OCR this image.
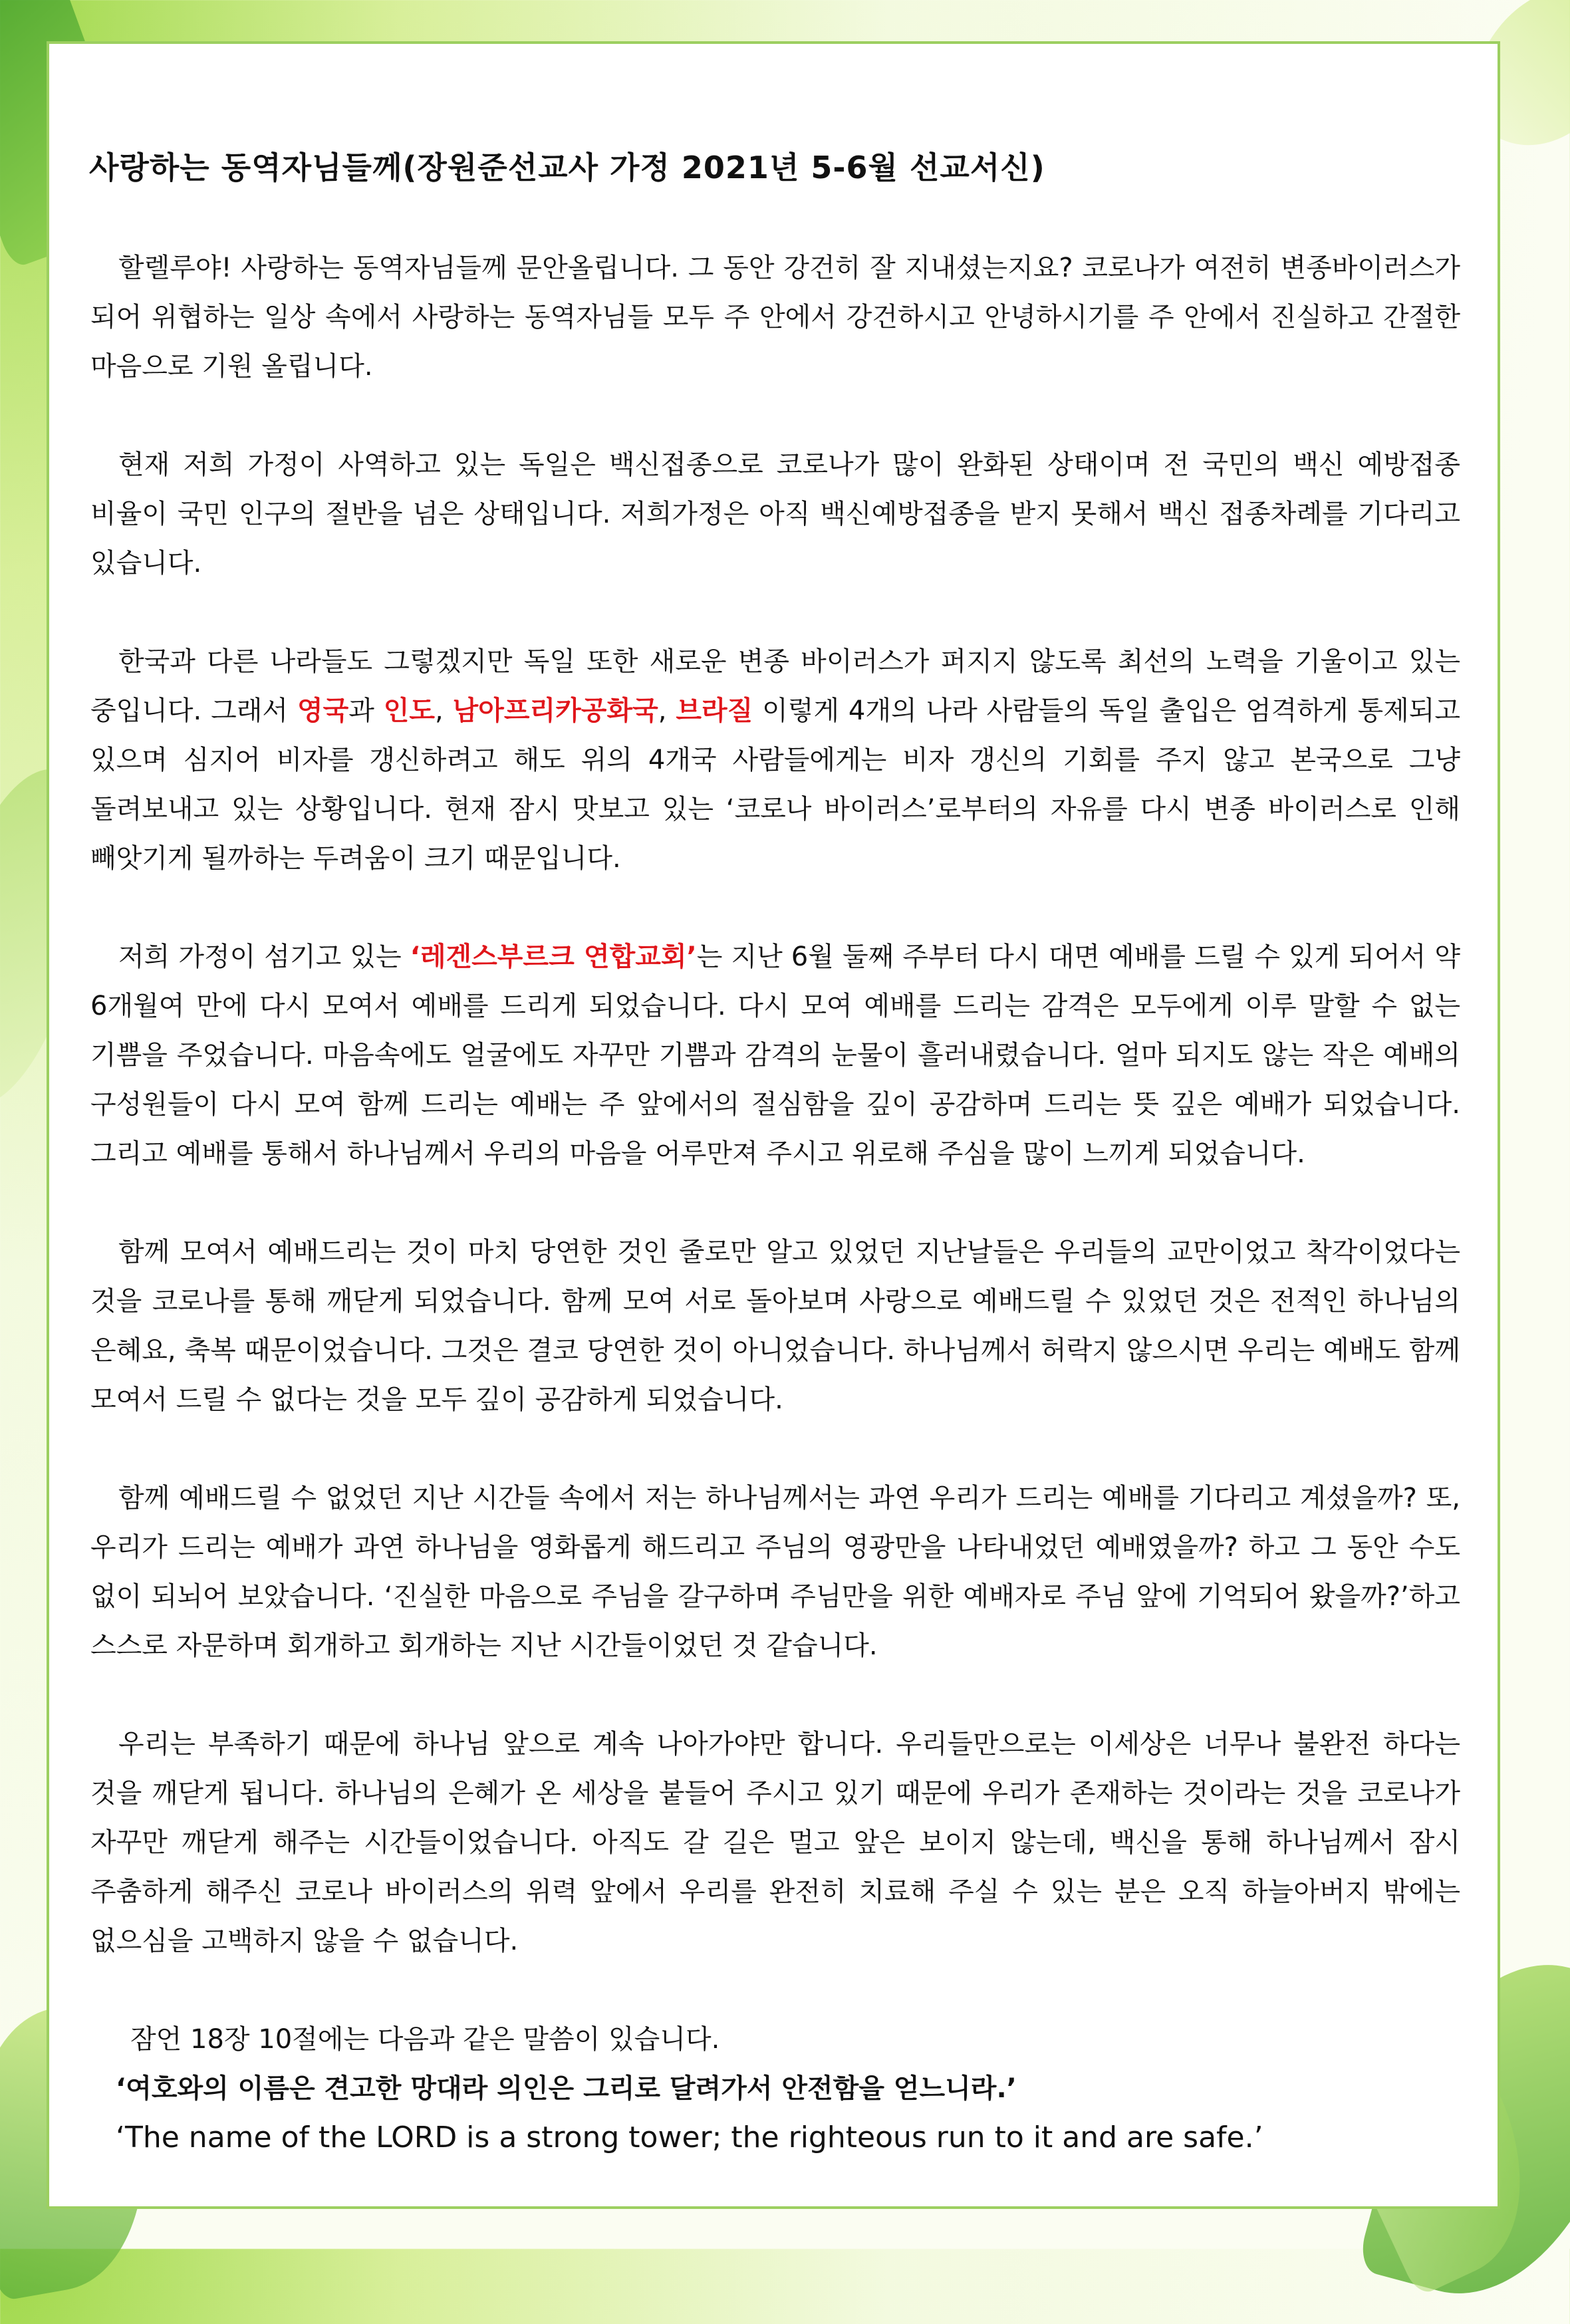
사랑하는 동역자님들께(장원준선교사 가정 2021년 5-6월 선교서신)

할렐루야! 사랑하는 동역자님들께 문안올립니다. 그 동안 강건히 잘 지내셨는지요? 코로나가 여전히 변종바이러스가 되어 위협하는 일상 속에서 사랑하는 동역자님들 모두 주 안에서 강건하시고 안녕하시기를 주 안에서 진실하고 간절한 마음으로 기원 올립니다.

현재 저희 가정이 사역하고 있는 독일은 백신접종으로 코로나가 많이 완화된 상태이며 전 국민의 백신 예방접종 비율이 국민 인구의 절반을 넘은 상태입니다. 저희가정은 아직 백신예방접종을 받지 못해서 백신 접종차례를 기다리고 있습니다.

한국과 다른 나라들도 그렇겠지만 독일 또한 새로운 변종 바이러스가 퍼지지 않도록 최선의 노력을 기울이고 있는 중입니다. 그래서 영국과 인도, 남아프리카공화국, 브라질 이렇게 4개의 나라 사람들의 독일 출입은 엄격하게 통제되고 있으며 심지어 비자를 갱신하려고 해도 위의 4개국 사람들에게는 비자 갱신의 기회를 주지 않고 본국으로 그냥 돌려보내고 있는 상황입니다. 현재 잠시 맛보고 있는 ‘코로나 바이러스’로부터의 자유를 다시 변종 바이러스로 인해 빼앗기게 될까하는 두려움이 크기 때문입니다.

저희 가정이 섬기고 있는 ‘레겐스부르크 연합교회’는 지난 6월 둘째 주부터 다시 대면 예배를 드릴 수 있게 되어서 약 6개월여 만에 다시 모여서 예배를 드리게 되었습니다. 다시 모여 예배를 드리는 감격은 모두에게 이루 말할 수 없는 기쁨을 주었습니다. 마음속에도 얼굴에도 자꾸만 기쁨과 감격의 눈물이 흘러내렸습니다. 얼마 되지도 않는 작은 예배의 구성원들이 다시 모여 함께 드리는 예배는 주 앞에서의 절심함을 깊이 공감하며 드리는 뜻 깊은 예배가 되었습니다. 그리고 예배를 통해서 하나님께서 우리의 마음을 어루만져 주시고 위로해 주심을 많이 느끼게 되었습니다.

함께 모여서 예배드리는 것이 마치 당연한 것인 줄로만 알고 있었던 지난날들은 우리들의 교만이었고 착각이었다는 것을 코로나를 통해 깨닫게 되었습니다. 함께 모여 서로 돌아보며 사랑으로 예배드릴 수 있었던 것은 전적인 하나님의 은혜요, 축복 때문이었습니다. 그것은 결코 당연한 것이 아니었습니다. 하나님께서 허락지 않으시면 우리는 예배도 함께 모여서 드릴 수 없다는 것을 모두 깊이 공감하게 되었습니다.

함께 예배드릴 수 없었던 지난 시간들 속에서 저는 하나님께서는 과연 우리가 드리는 예배를 기다리고 계셨을까? 또, 우리가 드리는 예배가 과연 하나님을 영화롭게 해드리고 주님의 영광만을 나타내었던 예배였을까? 하고 그 동안 수도 없이 되뇌어 보았습니다. ‘진실한 마음으로 주님을 갈구하며 주님만을 위한 예배자로 주님 앞에 기억되어 왔을까?’하고 스스로 자문하며 회개하고 회개하는 지난 시간들이었던 것 같습니다.

우리는 부족하기 때문에 하나님 앞으로 계속 나아가야만 합니다. 우리들만으로는 이세상은 너무나 불완전 하다는 것을 깨닫게 됩니다. 하나님의 은혜가 온 세상을 붙들어 주시고 있기 때문에 우리가 존재하는 것이라는 것을 코로나가 자꾸만 깨닫게 해주는 시간들이었습니다. 아직도 갈 길은 멀고 앞은 보이지 않는데, 백신을 통해 하나님께서 잠시 주춤하게 해주신 코로나 바이러스의 위력 앞에서 우리를 완전히 치료해 주실 수 있는 분은 오직 하늘아버지 밖에는 없으심을 고백하지 않을 수 없습니다.

잠언 18장 10절에는 다음과 같은 말씀이 있습니다.

‘여호와의 이름은 견고한 망대라 의인은 그리로 달려가서 안전함을 얻느니라.’

‘The name of the LORD is a strong tower; the righteous run to it and are safe.’
